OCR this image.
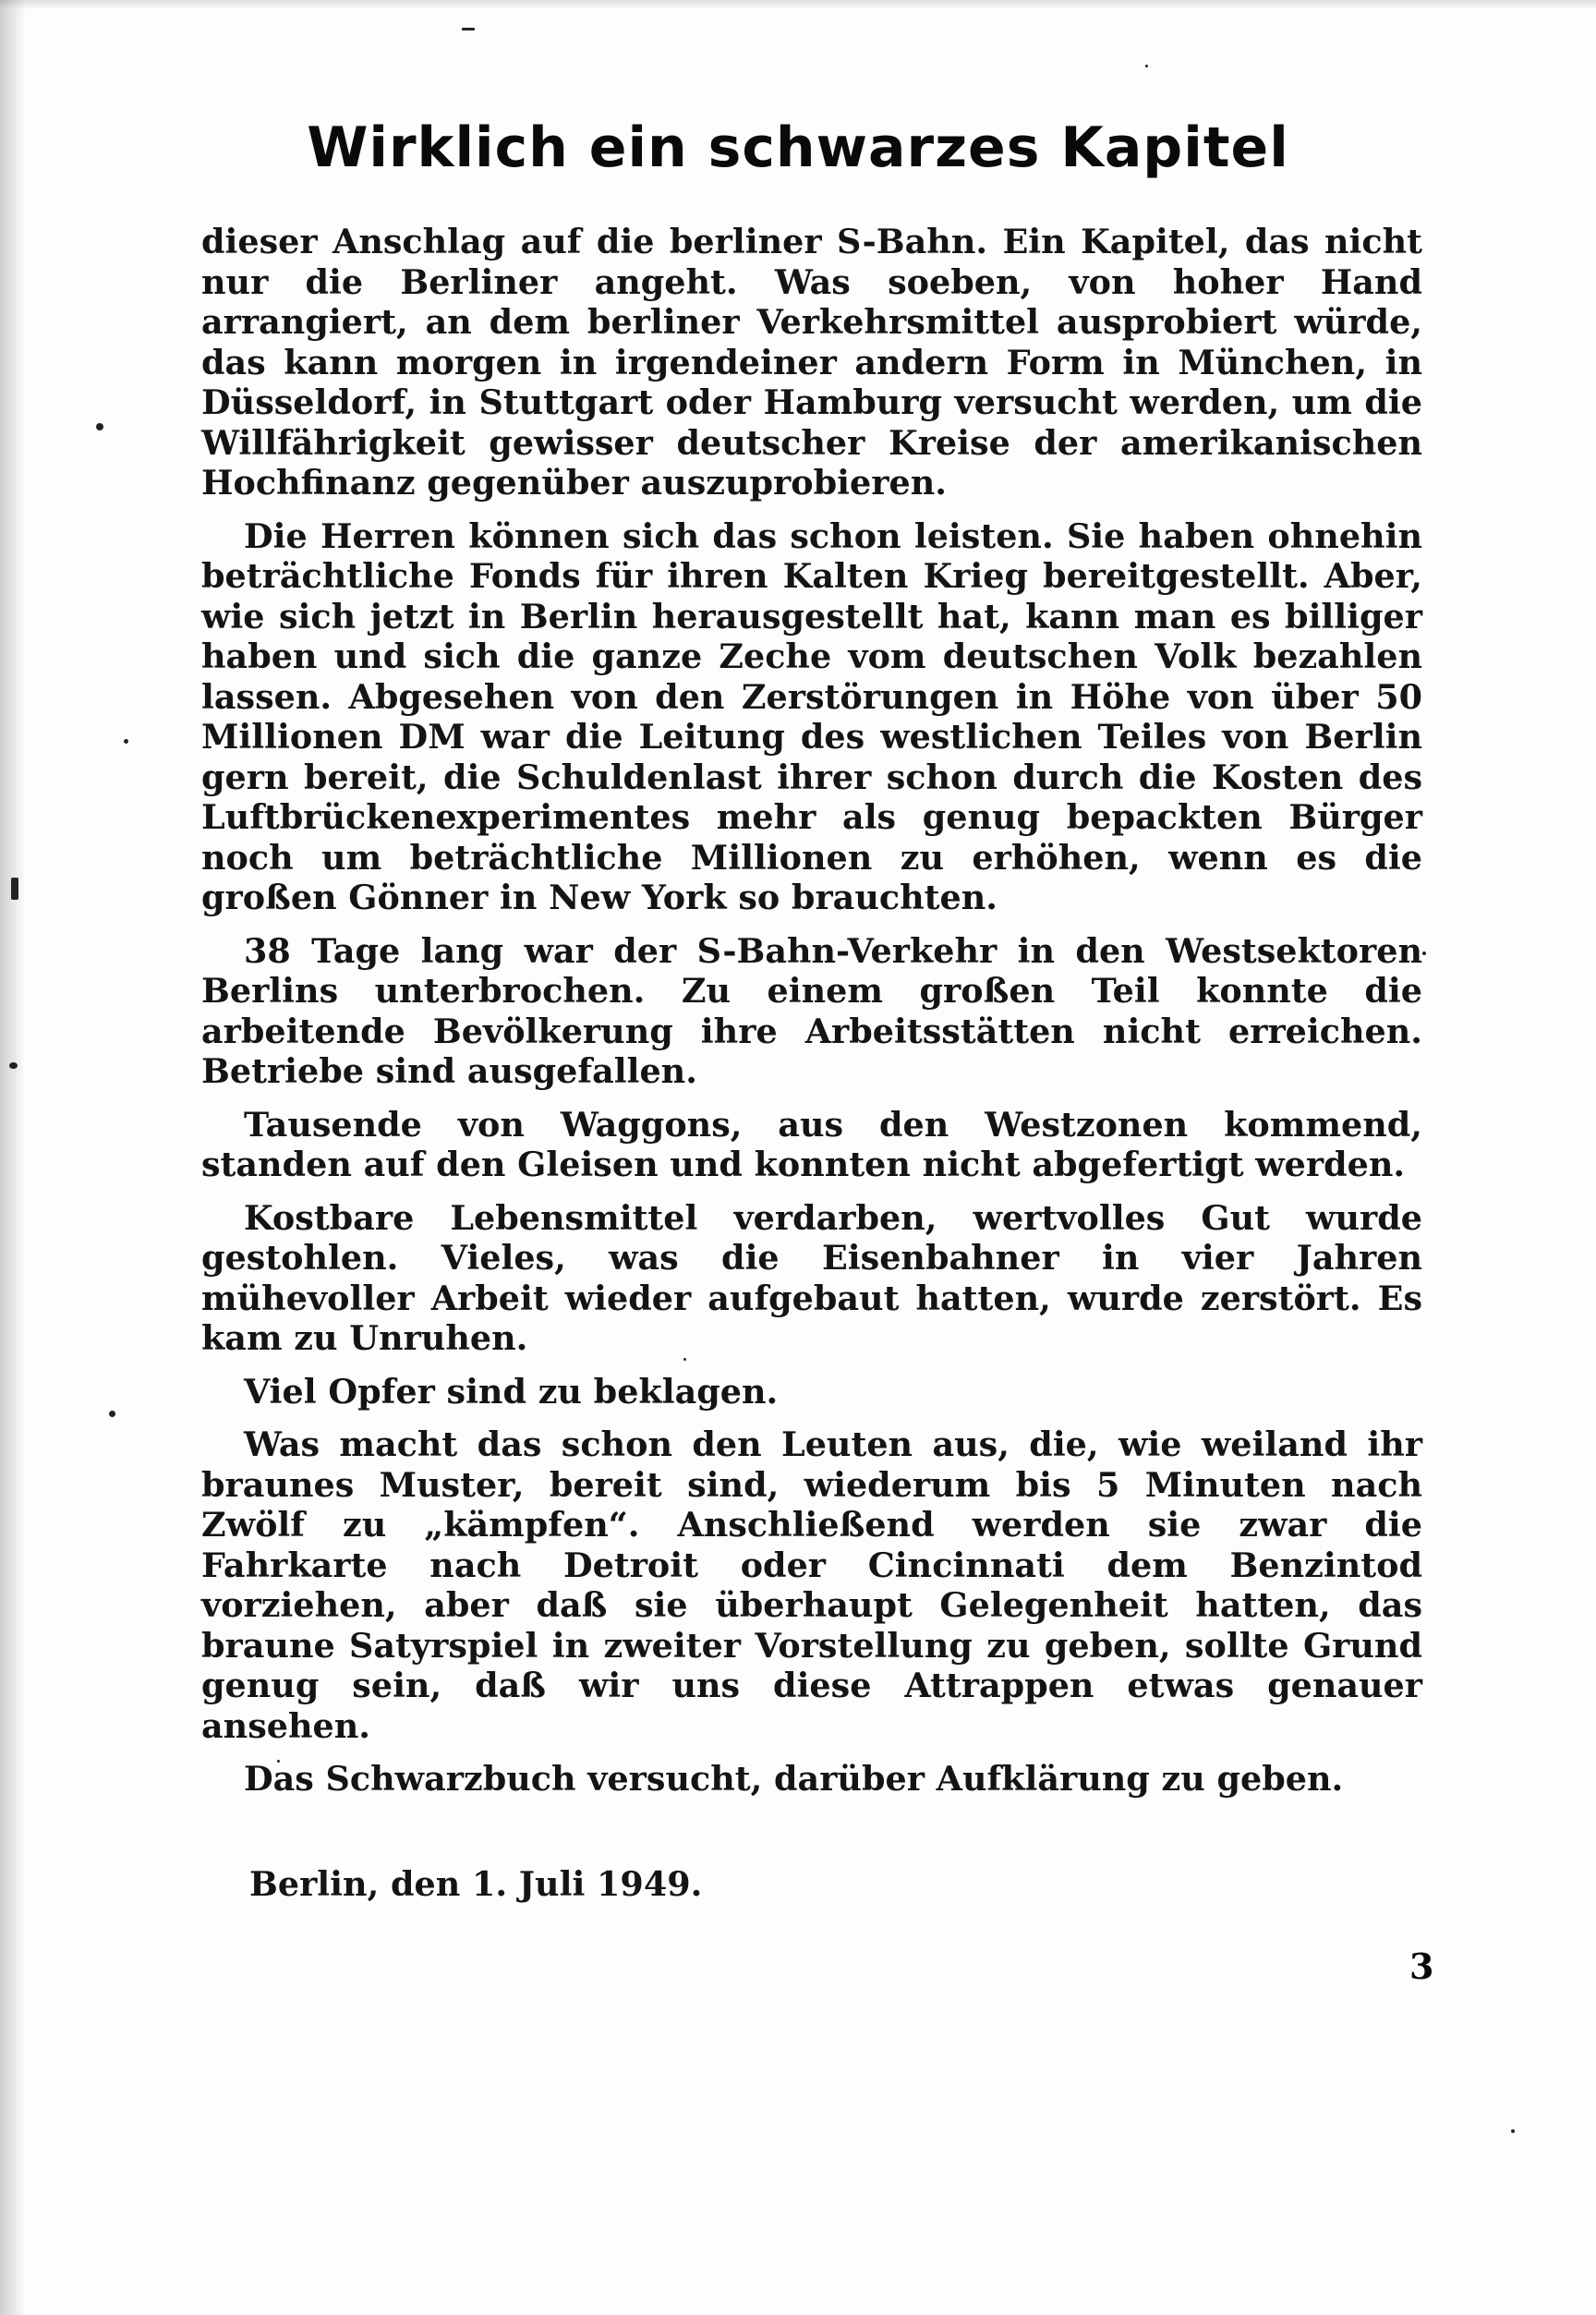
Wirklich ein schwarzes Kapitel

dieser Anschlag auf die berliner S-Bahn. Ein Kapitel, das nicht nur die Berliner angeht. Was soeben, von hoher Hand arrangiert, an dem berliner Verkehrsmittel ausprobiert würde, das kann morgen in irgendeiner andern Form in München, in Düsseldorf, in Stuttgart oder Hamburg versucht werden, um die Willfährigkeit gewisser deutscher Kreise der amerikanischen Hochfinanz gegenüber auszuprobieren.

Die Herren können sich das schon leisten. Sie haben ohnehin beträchtliche Fonds für ihren Kalten Krieg bereitgestellt. Aber, wie sich jetzt in Berlin herausgestellt hat, kann man es billiger haben und sich die ganze Zeche vom deutschen Volk bezahlen lassen. Abgesehen von den Zerstörungen in Höhe von über 50 Millionen DM war die Leitung des westlichen Teiles von Berlin gern bereit, die Schuldenlast ihrer schon durch die Kosten des Luftbrückenexperimentes mehr als genug bepackten Bürger noch um beträchtliche Millionen zu erhöhen, wenn es die großen Gönner in New York so brauchten.

38 Tage lang war der S-Bahn-Verkehr in den Westsektoren Berlins unterbrochen. Zu einem großen Teil konnte die arbeitende Bevölkerung ihre Arbeitsstätten nicht erreichen. Betriebe sind ausgefallen.

Tausende von Waggons, aus den Westzonen kommend, standen auf den Gleisen und konnten nicht abgefertigt werden.

Kostbare Lebensmittel verdarben, wertvolles Gut wurde gestohlen. Vieles, was die Eisenbahner in vier Jahren mühevoller Arbeit wieder aufgebaut hatten, wurde zerstört. Es kam zu Unruhen.

Viel Opfer sind zu beklagen.

Was macht das schon den Leuten aus, die, wie weiland ihr braunes Muster, bereit sind, wiederum bis 5 Minuten nach Zwölf zu „kämpfen“. Anschließend werden sie zwar die Fahrkarte nach Detroit oder Cincinnati dem Benzintod vorziehen, aber daß sie überhaupt Gelegenheit hatten, das braune Satyrspiel in zweiter Vorstellung zu geben, sollte Grund genug sein, daß wir uns diese Attrappen etwas genauer ansehen.

Das Schwarzbuch versucht, darüber Aufklärung zu geben.

Berlin, den 1. Juli 1949.
3
